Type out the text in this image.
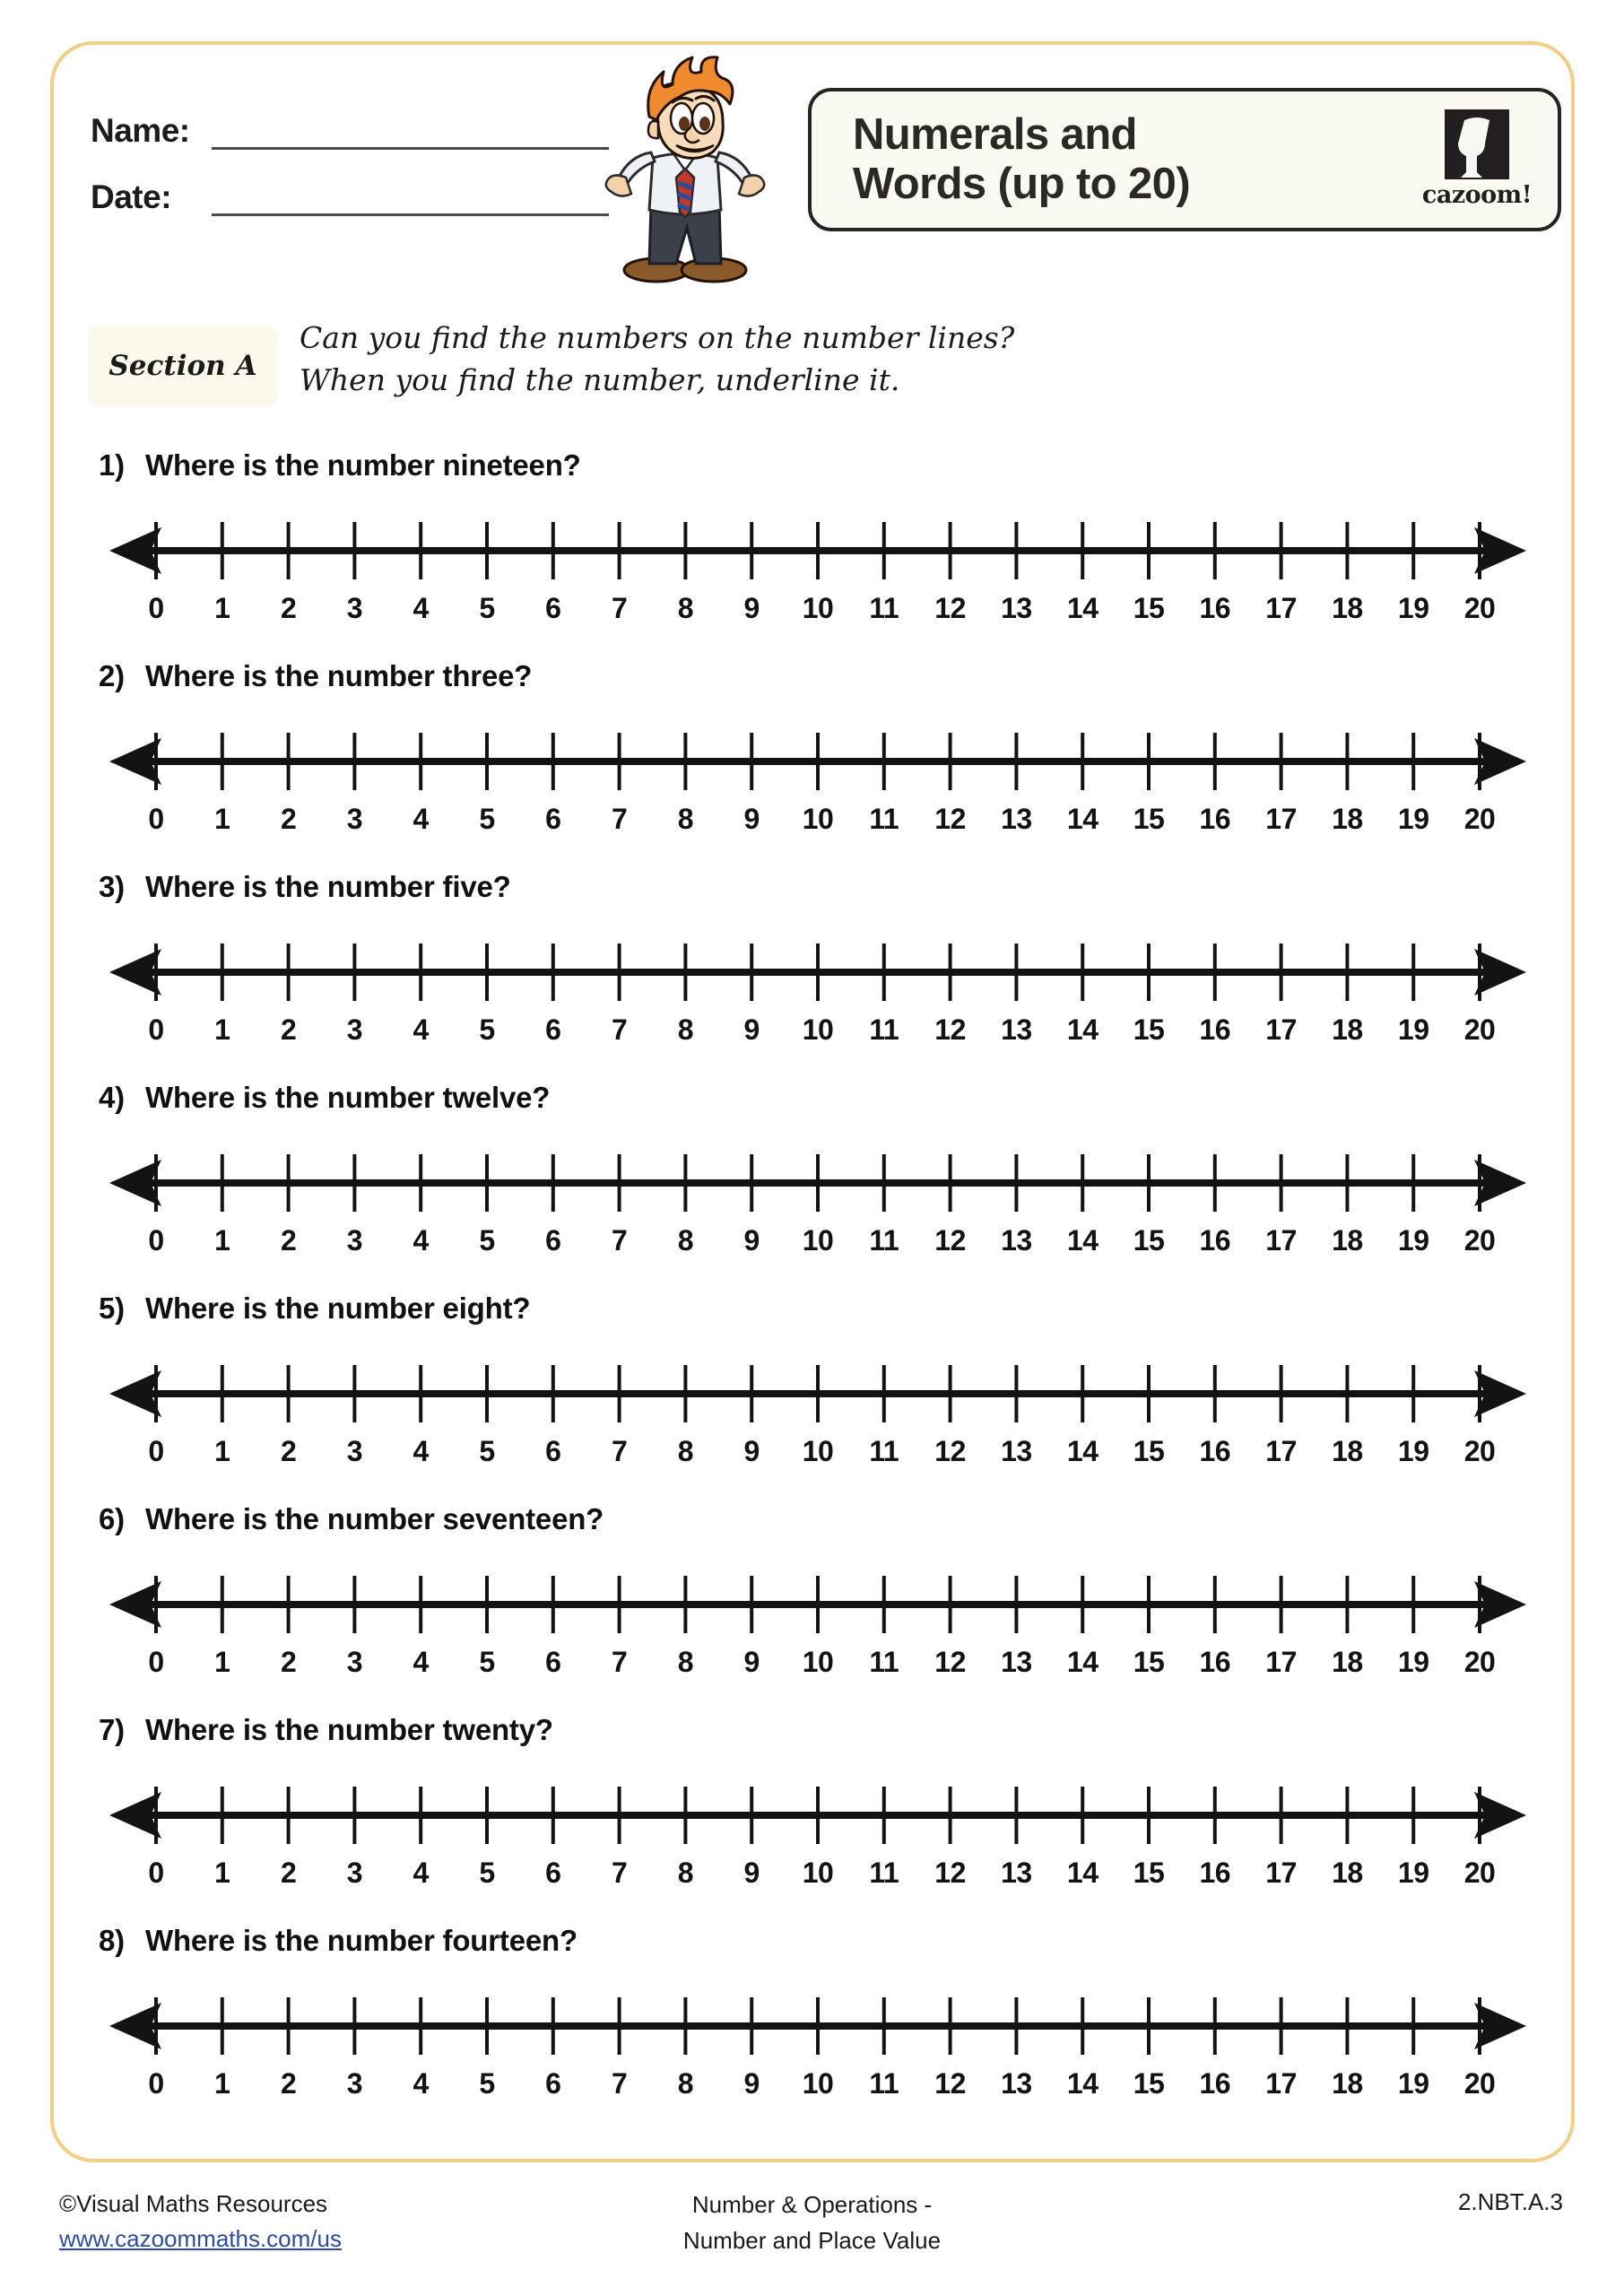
Name:
Date:
Numerals and
Words (up to 20)	cazoom!
Section A
Can you find the numbers on the number lines?
When you find the number, underline it.
1) Where is the number nineteen?
0 1 2 3 4 5 6 7 8 9 10 11 12 13 14 15 16 17 18 19 20
2) Where is the number three?
0 1 2 3 4 5 6 7 8 9 10 11 12 13 14 15 16 17 18 19 20
3) Where is the number five?
0 1 2 3 4 5 6 7 8 9 10 11 12 13 14 15 16 17 18 19 20
4) Where is the number twelve?
0 1 2 3 4 5 6 7 8 9 10 11 12 13 14 15 16 17 18 19 20
5) Where is the number eight?
0 1 2 3 4 5 6 7 8 9 10 11 12 13 14 15 16 17 18 19 20
6) Where is the number seventeen?
0 1 2 3 4 5 6 7 8 9 10 11 12 13 14 15 16 17 18 19 20
7) Where is the number twenty?
0 1 2 3 4 5 6 7 8 9 10 11 12 13 14 15 16 17 18 19 20
8) Where is the number fourteen?
0 1 2 3 4 5 6 7 8 9 10 11 12 13 14 15 16 17 18 19 20
©Visual Maths Resources
www.cazoommaths.com/us
Number & Operations -
Number and Place Value
2.NBT.A.3
